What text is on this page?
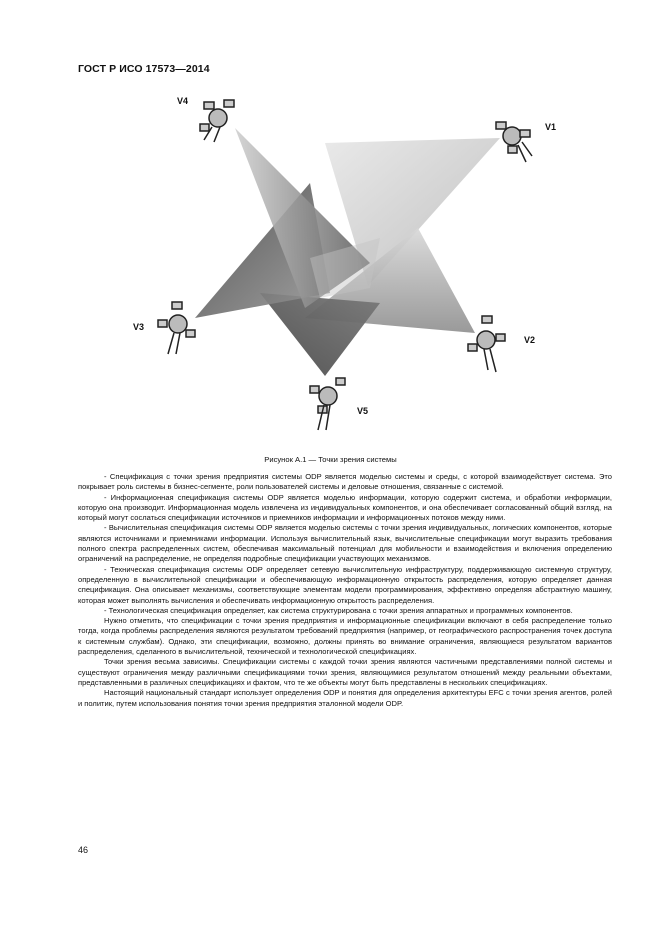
ГОСТ Р ИСО 17573—2014
V4
V1
V3
V2
V5
Рисунок А.1 — Точки зрения системы

- Спецификация с точки зрения предприятия системы ODP является моделью системы и среды, с которой взаимодействует система. Это покрывает роль системы в бизнес-сегменте, роли пользователей системы и деловые отношения, связанные с системой.

- Информационная спецификация системы ODP является моделью информации, которую содержит система, и обработки информации, которую она производит. Информационная модель извлечена из индивидуальных компонентов, и она обеспечивает согласованный общий взгляд, на который могут сослаться спецификации источников и приемников информации и информационных потоков между ними.

- Вычислительная спецификация системы ODP является моделью системы с точки зрения индивидуальных, логических компонентов, которые являются источниками и приемниками информации. Используя вычислительный язык, вычислительные спецификации могут выразить требования полного спектра распределенных систем, обеспечивая максимальный потенциал для мобильности и взаимодействия и включения определению ограничений на распределение, не определяя подробные спецификации участвующих механизмов.

- Техническая спецификация системы ODP определяет сетевую вычислительную инфраструктуру, поддерживающую системную структуру, определенную в вычислительной спецификации и обеспечивающую информационную открытость распределения, которую определяет данная спецификация. Она описывает механизмы, соответствующие элементам модели программирования, эффективно определяя абстрактную машину, которая может выполнять вычисления и обеспечивать информационную открытость распределения.

- Технологическая спецификация определяет, как система структурирована с точки зрения аппаратных и программных компонентов.

Нужно отметить, что спецификации с точки зрения предприятия и информационные спецификации включают в себя распределение только тогда, когда проблемы распределения являются результатом требований предприятия (например, от географического распространения точек доступа к системным службам). Однако, эти спецификации, возможно, должны принять во внимание ограничения, являющиеся результатом вариантов распределения, сделанного в вычислительной, технической и технологической спецификациях.

Точки зрения весьма зависимы. Спецификации системы с каждой точки зрения являются частичными представлениями полной системы и существуют ограничения между различными спецификациями точки зрения, являющимися результатом отношений между реальными объектами, представленными в различных спецификациях и фактом, что те же объекты могут быть представлены в нескольких спецификациях.

Настоящий национальный стандарт использует определения ODP и понятия для определения архитектуры EFC с точки зрения агентов, ролей и политик, путем использования понятия точки зрения предприятия эталонной модели ODP.

46
